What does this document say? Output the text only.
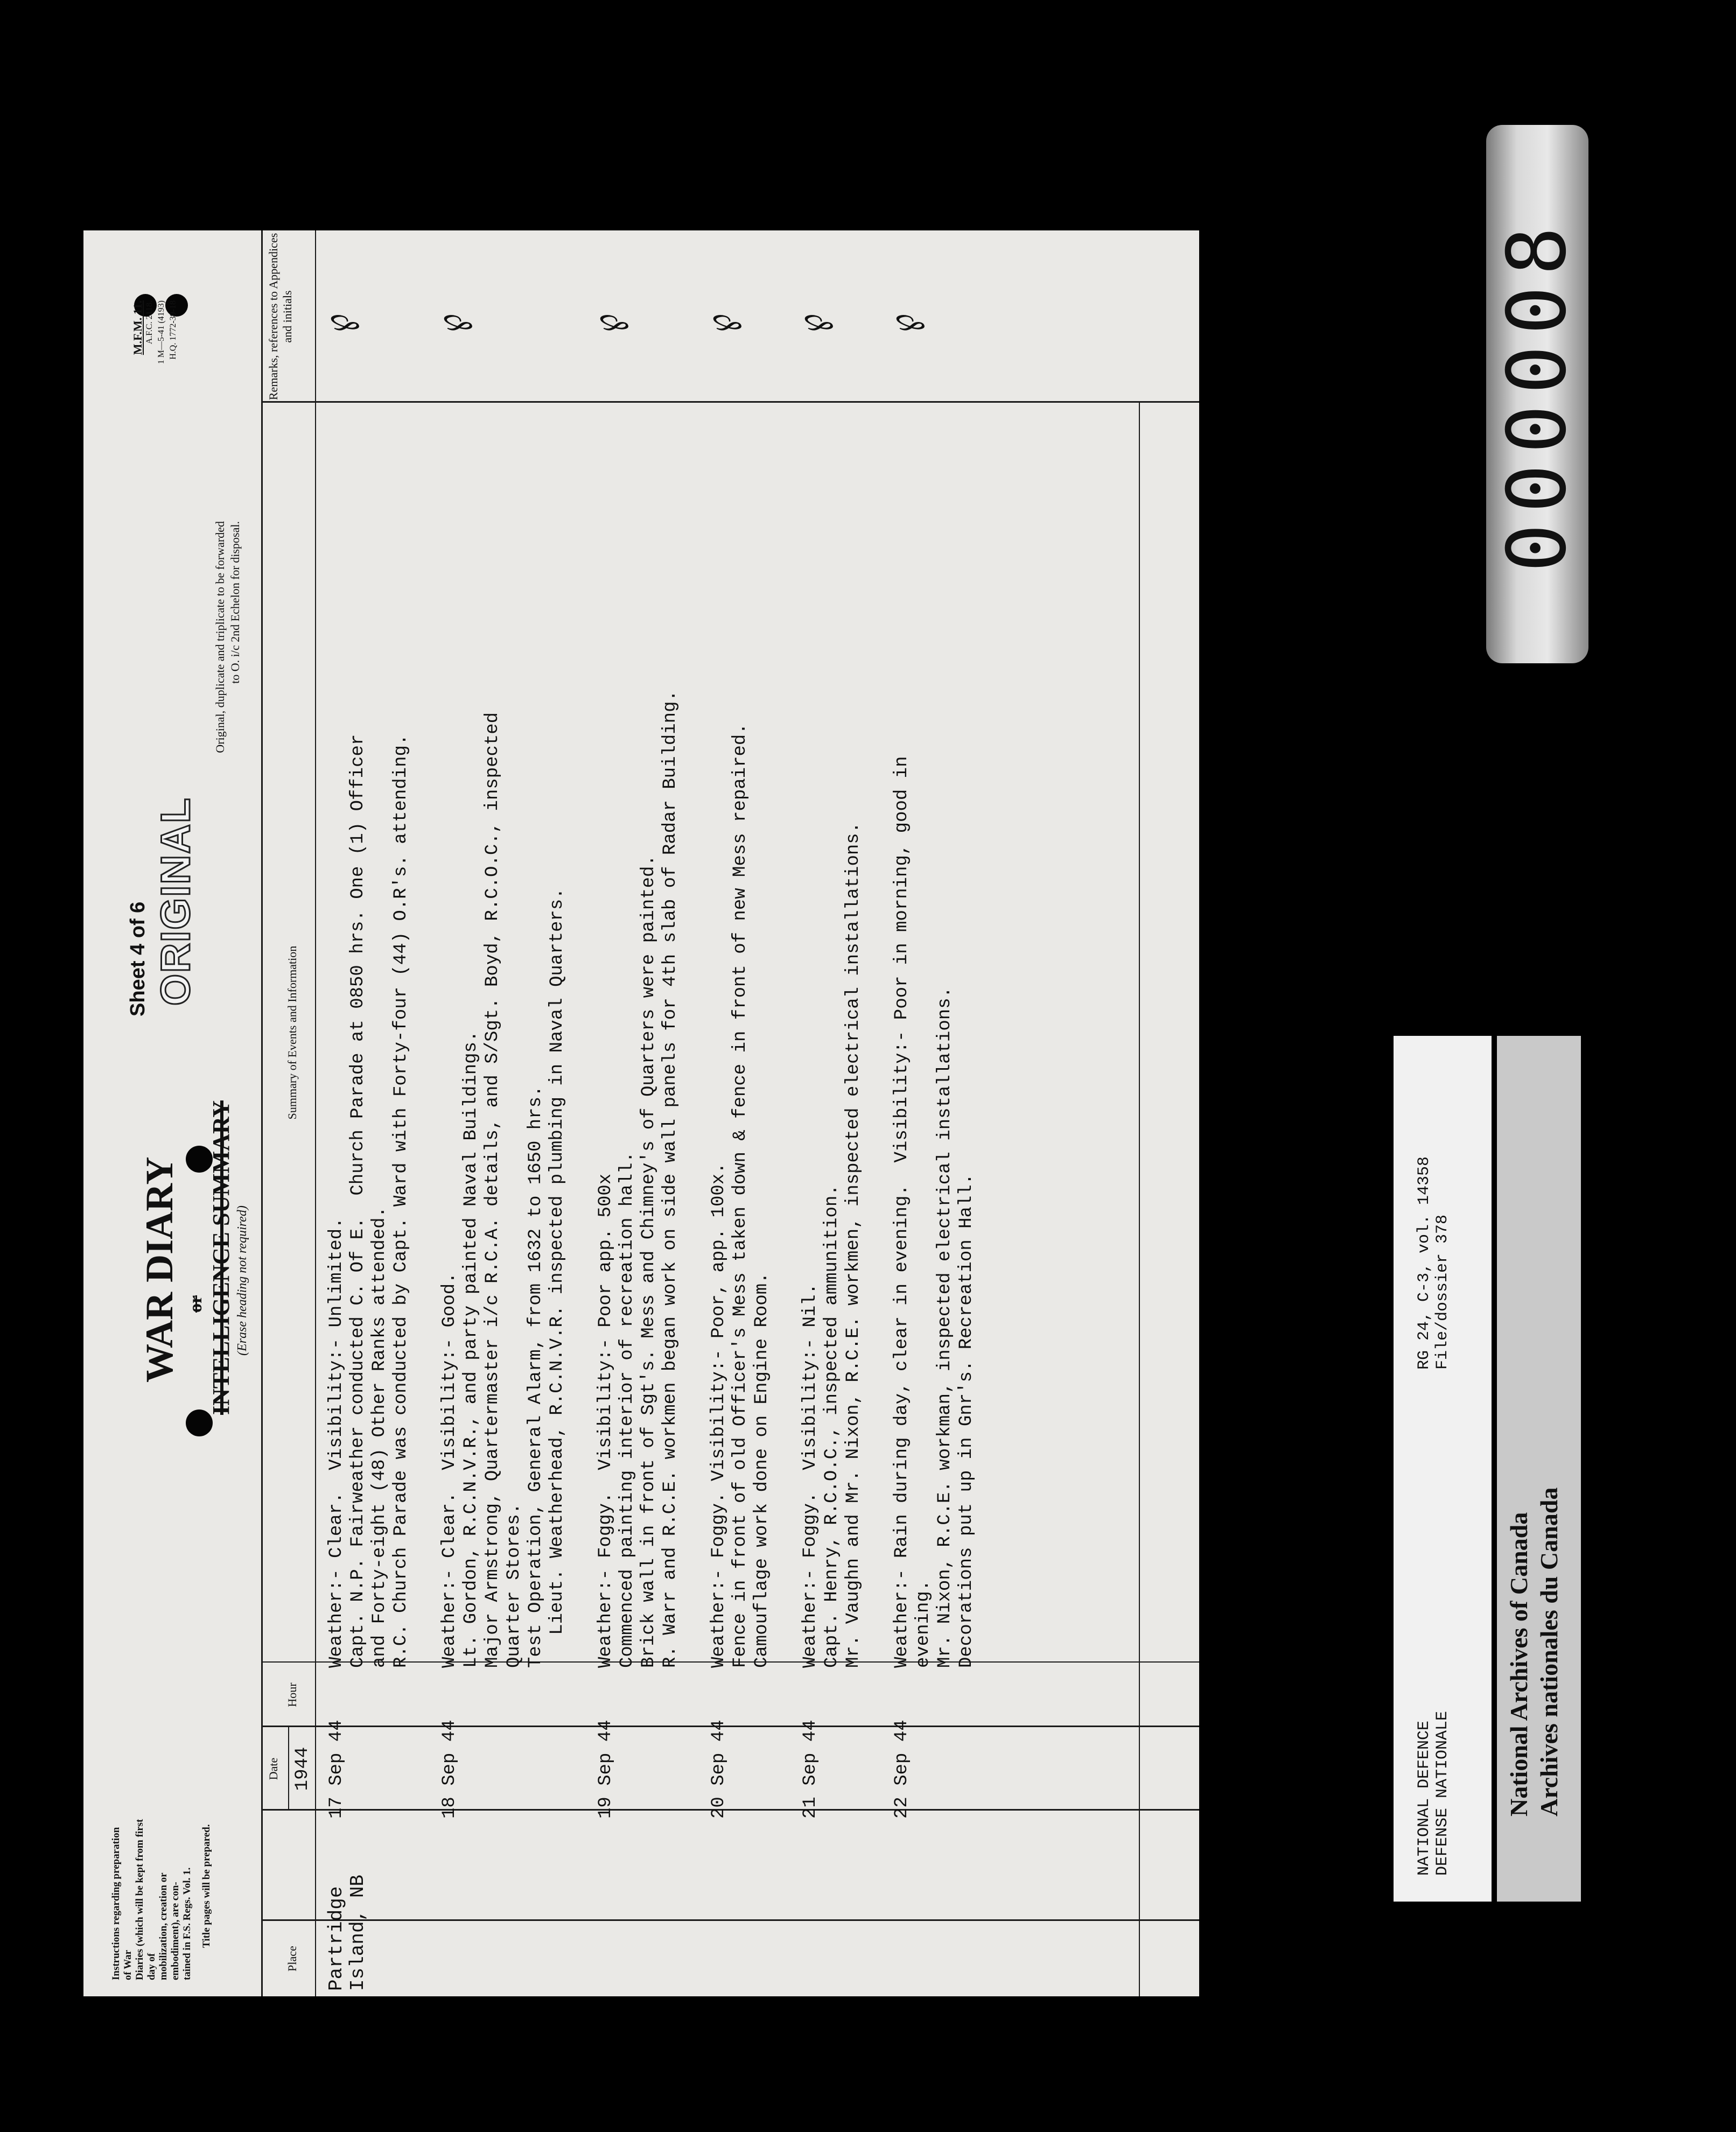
Instructions regarding preparation of War Diaries (which will be kept from first day of mobilization, creation or embodiment), are con- tained in F.S. Regs. Vol. 1. Title pages will be prepared.
WAR DIARY or INTELLIGENCE SUMMARY (Erase heading not required)
Sheet 4 of 6 ORIGINAL
Original, duplicate and triplicate to be forwarded to O. i/c 2nd Echelon for disposal.
M.F.M. 11. A.F.C. 2118. 1 M—5-41 (4193) H.Q. 1772-39-18
Place
Date 1944
Hour
Summary of Events and Information
Remarks, references to Appendices and initials
Partridge Island, NB
17 Sep 44
Weather:- Clear.  Visibility:- Unlimited. Capt. N.P. Fairweather conducted C. Of E.  Church Parade at 0850 hrs. One (1) Officer and Forty-eight (48) Other Ranks attended. R.C. Church Parade was conducted by Capt. Ward with Forty-four (44) O.R's. attending.
℘
18 Sep 44
Weather:- Clear.  Visibility:- Good. Lt. Gordon, R.C.N.V.R., and party painted Naval Buildings. Major Armstrong, Quartermaster i/c R.C.A. details, and S/Sgt. Boyd, R.C.O.C., inspected Quarter Stores. Test Operation, General Alarm, from 1632 to 1650 hrs. Lieut. Weatherhead, R.C.N.V.R. inspected plumbing in Naval Quarters.
℘
19 Sep 44
Weather:- Foggy.  Visibility:- Poor app. 500x Commenced painting interior of recreation hall. Brick wall in front of Sgt's. Mess and Chimney's of Quarters were painted. R. Warr and R.C.E. workmen began work on side wall panels for 4th slab of Radar Building.
℘
20 Sep 44
Weather:- Foggy. Visibility:- Poor, app. 100x. Fence in front of old Officer's Mess taken down & fence in front of new Mess repaired. Camouflage work done on Engine Room.
℘
21 Sep 44
Weather:- Foggy.  Visibility:- Nil. Capt. Henry, R.C.O.C., inspected ammunition. Mr. Vaughn and Mr. Nixon, R.C.E. workmen, inspected electrical installations.
℘
22 Sep 44
Weather:- Rain during day, clear in evening.  Visibility:- Poor in morning, good in evening. Mr. Nixon, R.C.E. workman, inspected electrical installations. Decorations put up in Gnr's. Recreation Hall.
℘	000008
NATIONAL DEFENCE DEFENSE NATIONALE
RG 24, C-3, vol. 14358 File/dossier 378
National Archives of Canada Archives nationales du Canada
